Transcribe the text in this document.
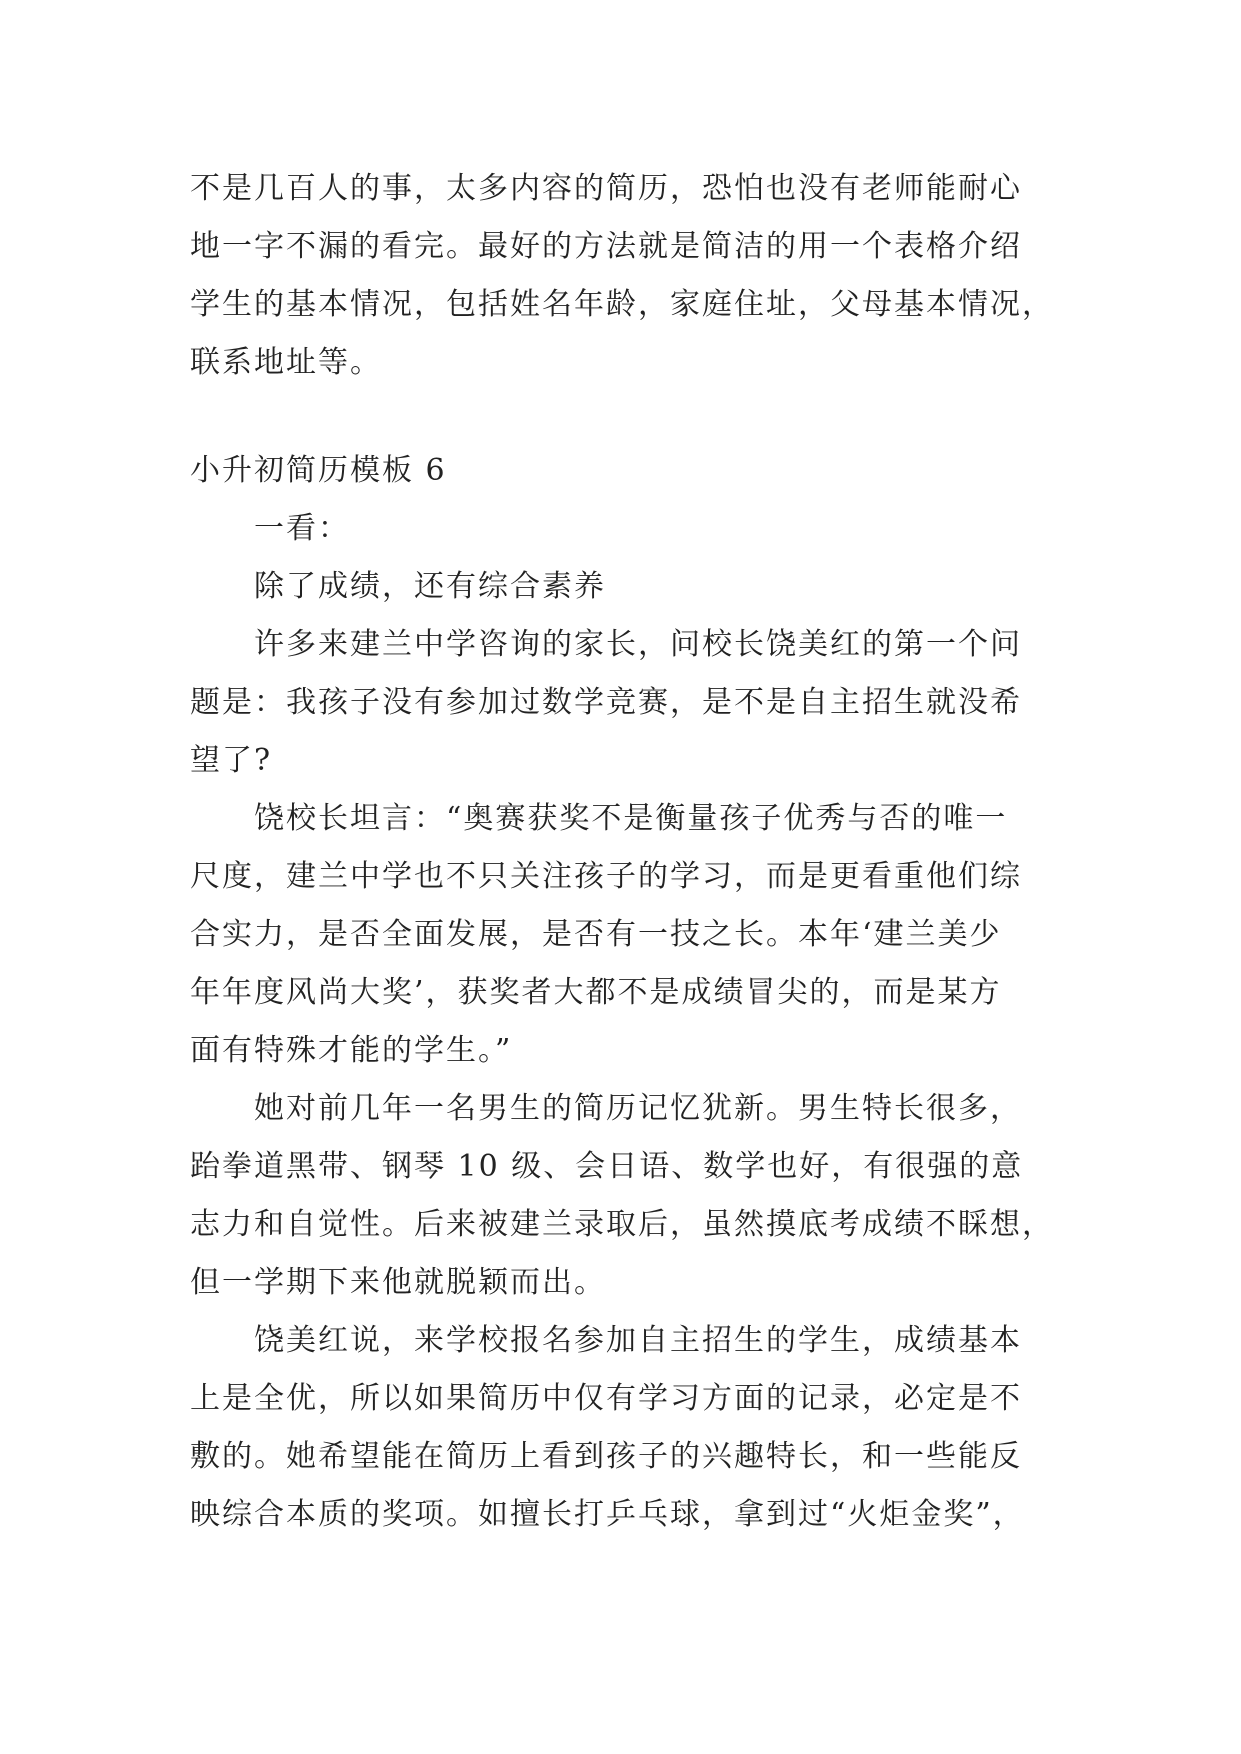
不是几百人的事，太多内容的简历，恐怕也没有老师能耐心

地一字不漏的看完。最好的方法就是简洁的用一个表格介绍

学生的基本情况，包括姓名年龄，家庭住址，父母基本情况，

联系地址等。

小升初简历模板 6

一看：

除了成绩，还有综合素养

许多来建兰中学咨询的家长，问校长饶美红的第一个问

题是：我孩子没有参加过数学竞赛，是不是自主招生就没希

望了?

饶校长坦言：“奥赛获奖不是衡量孩子优秀与否的唯一

尺度，建兰中学也不只关注孩子的学习，而是更看重他们综

合实力，是否全面发展，是否有一技之长。本年‘建兰美少

年年度风尚大奖’，获奖者大都不是成绩冒尖的，而是某方

面有特殊才能的学生。”

她对前几年一名男生的简历记忆犹新。男生特长很多，

跆拳道黑带、钢琴 10 级、会日语、数学也好，有很强的意

志力和自觉性。后来被建兰录取后，虽然摸底考成绩不睬想，

但一学期下来他就脱颖而出。

饶美红说，来学校报名参加自主招生的学生，成绩基本

上是全优，所以如果简历中仅有学习方面的记录，必定是不

敷的。她希望能在简历上看到孩子的兴趣特长，和一些能反

映综合本质的奖项。如擅长打乒乓球，拿到过“火炬金奖”，
